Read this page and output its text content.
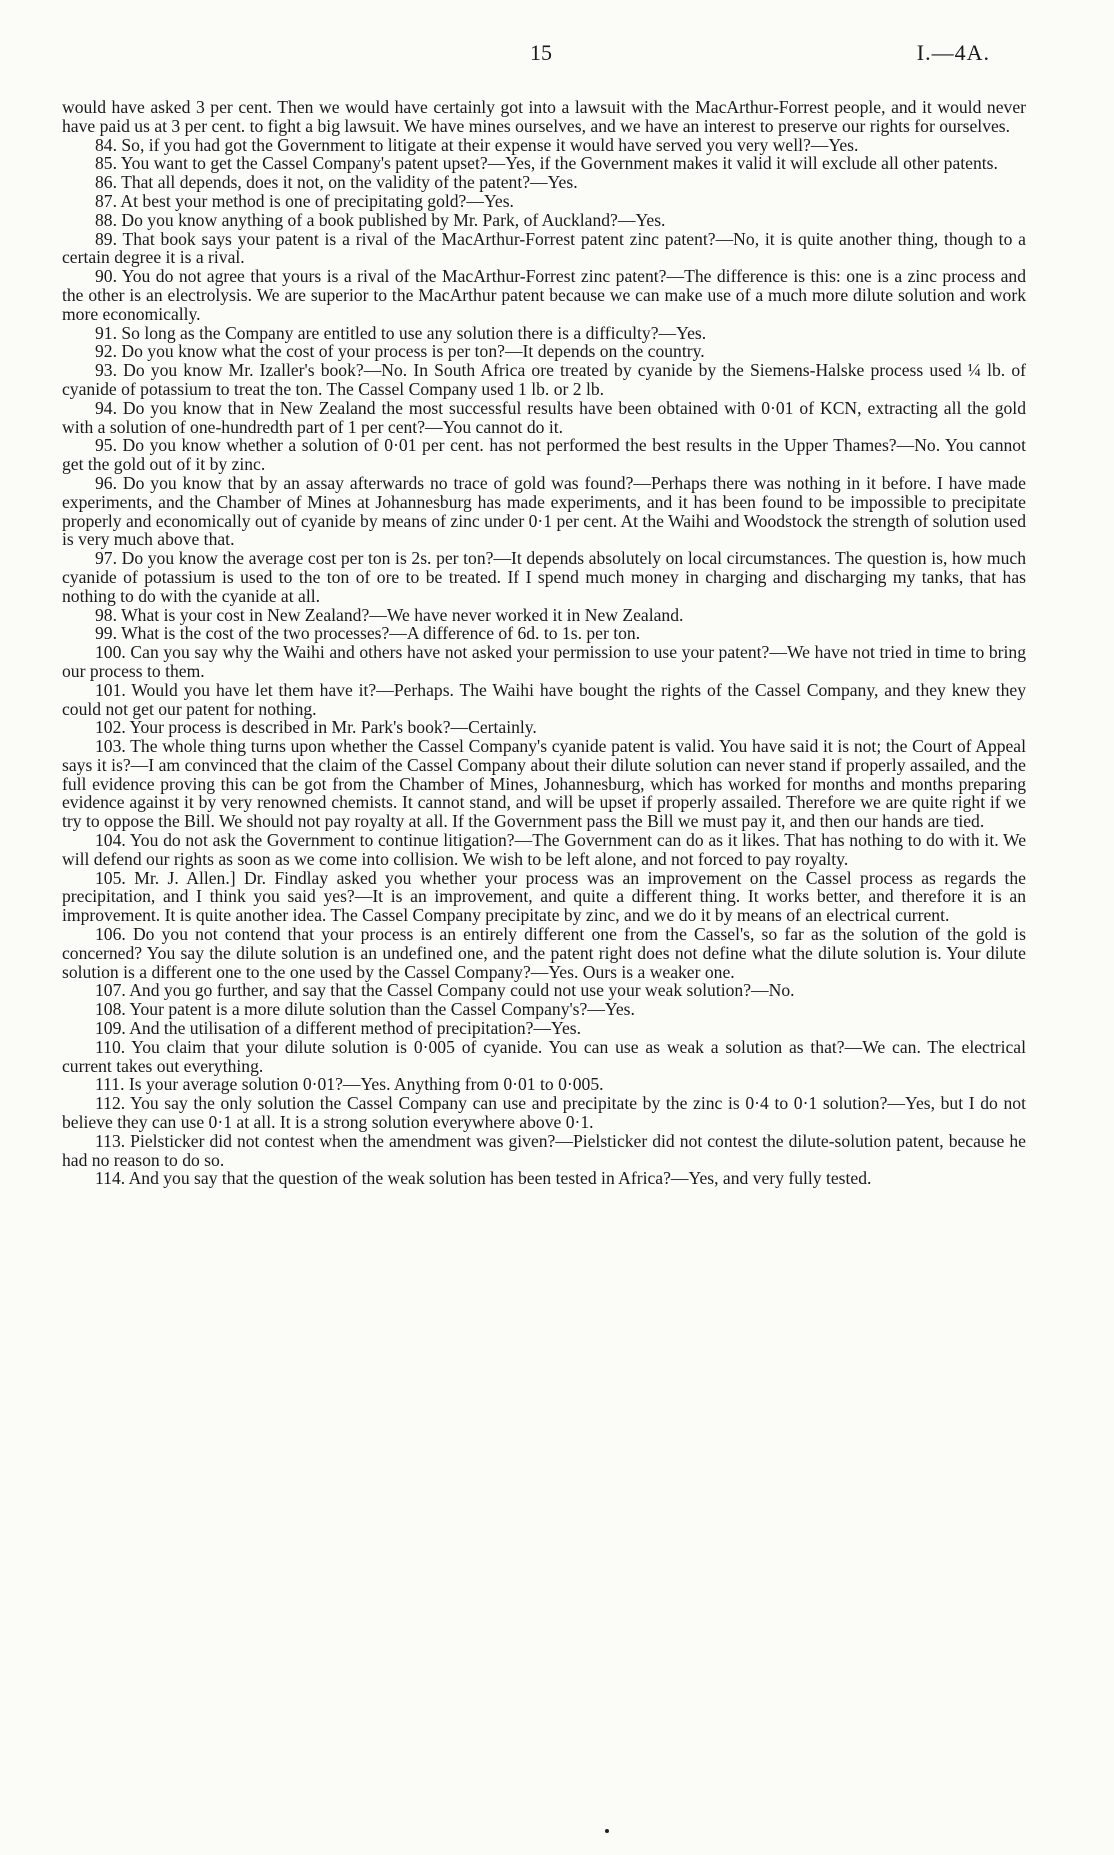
15	I.—4A.

would have asked 3 per cent. Then we would have certainly got into a lawsuit with the MacArthur-Forrest people, and it would never have paid us at 3 per cent. to fight a big lawsuit. We have mines ourselves, and we have an interest to preserve our rights for ourselves.

84. So, if you had got the Government to litigate at their expense it would have served you very well?—Yes.

85. You want to get the Cassel Company's patent upset?—Yes, if the Government makes it valid it will exclude all other patents.

86. That all depends, does it not, on the validity of the patent?—Yes.

87. At best your method is one of precipitating gold?—Yes.

88. Do you know anything of a book published by Mr. Park, of Auckland?—Yes.

89. That book says your patent is a rival of the MacArthur-Forrest patent zinc patent?—No, it is quite another thing, though to a certain degree it is a rival.

90. You do not agree that yours is a rival of the MacArthur-Forrest zinc patent?—The difference is this: one is a zinc process and the other is an electrolysis. We are superior to the MacArthur patent because we can make use of a much more dilute solution and work more economically.

91. So long as the Company are entitled to use any solution there is a difficulty?—Yes.

92. Do you know what the cost of your process is per ton?—It depends on the country.

93. Do you know Mr. Izaller's book?—No. In South Africa ore treated by cyanide by the Siemens-Halske process used ¼ lb. of cyanide of potassium to treat the ton. The Cassel Company used 1 lb. or 2 lb.

94. Do you know that in New Zealand the most successful results have been obtained with 0·01 of KCN, extracting all the gold with a solution of one-hundredth part of 1 per cent?—You cannot do it.

95. Do you know whether a solution of 0·01 per cent. has not performed the best results in the Upper Thames?—No. You cannot get the gold out of it by zinc.

96. Do you know that by an assay afterwards no trace of gold was found?—Perhaps there was nothing in it before. I have made experiments, and the Chamber of Mines at Johannesburg has made experiments, and it has been found to be impossible to precipitate properly and economically out of cyanide by means of zinc under 0·1 per cent. At the Waihi and Woodstock the strength of solution used is very much above that.

97. Do you know the average cost per ton is 2s. per ton?—It depends absolutely on local circumstances. The question is, how much cyanide of potassium is used to the ton of ore to be treated. If I spend much money in charging and discharging my tanks, that has nothing to do with the cyanide at all.

98. What is your cost in New Zealand?—We have never worked it in New Zealand.

99. What is the cost of the two processes?—A difference of 6d. to 1s. per ton.

100. Can you say why the Waihi and others have not asked your permission to use your patent?—We have not tried in time to bring our process to them.

101. Would you have let them have it?—Perhaps. The Waihi have bought the rights of the Cassel Company, and they knew they could not get our patent for nothing.

102. Your process is described in Mr. Park's book?—Certainly.

103. The whole thing turns upon whether the Cassel Company's cyanide patent is valid. You have said it is not; the Court of Appeal says it is?—I am convinced that the claim of the Cassel Company about their dilute solution can never stand if properly assailed, and the full evidence proving this can be got from the Chamber of Mines, Johannesburg, which has worked for months and months preparing evidence against it by very renowned chemists. It cannot stand, and will be upset if properly assailed. Therefore we are quite right if we try to oppose the Bill. We should not pay royalty at all. If the Government pass the Bill we must pay it, and then our hands are tied.

104. You do not ask the Government to continue litigation?—The Government can do as it likes. That has nothing to do with it. We will defend our rights as soon as we come into collision. We wish to be left alone, and not forced to pay royalty.

105. Mr. J. Allen.] Dr. Findlay asked you whether your process was an improvement on the Cassel process as regards the precipitation, and I think you said yes?—It is an improvement, and quite a different thing. It works better, and therefore it is an improvement. It is quite another idea. The Cassel Company precipitate by zinc, and we do it by means of an electrical current.

106. Do you not contend that your process is an entirely different one from the Cassel's, so far as the solution of the gold is concerned? You say the dilute solution is an undefined one, and the patent right does not define what the dilute solution is. Your dilute solution is a different one to the one used by the Cassel Company?—Yes. Ours is a weaker one.

107. And you go further, and say that the Cassel Company could not use your weak solution?—No.

108. Your patent is a more dilute solution than the Cassel Company's?—Yes.

109. And the utilisation of a different method of precipitation?—Yes.

110. You claim that your dilute solution is 0·005 of cyanide. You can use as weak a solution as that?—We can. The electrical current takes out everything.

111. Is your average solution 0·01?—Yes. Anything from 0·01 to 0·005.

112. You say the only solution the Cassel Company can use and precipitate by the zinc is 0·4 to 0·1 solution?—Yes, but I do not believe they can use 0·1 at all. It is a strong solution everywhere above 0·1.

113. Pielsticker did not contest when the amendment was given?—Pielsticker did not contest the dilute-solution patent, because he had no reason to do so.

114. And you say that the question of the weak solution has been tested in Africa?—Yes, and very fully tested.
